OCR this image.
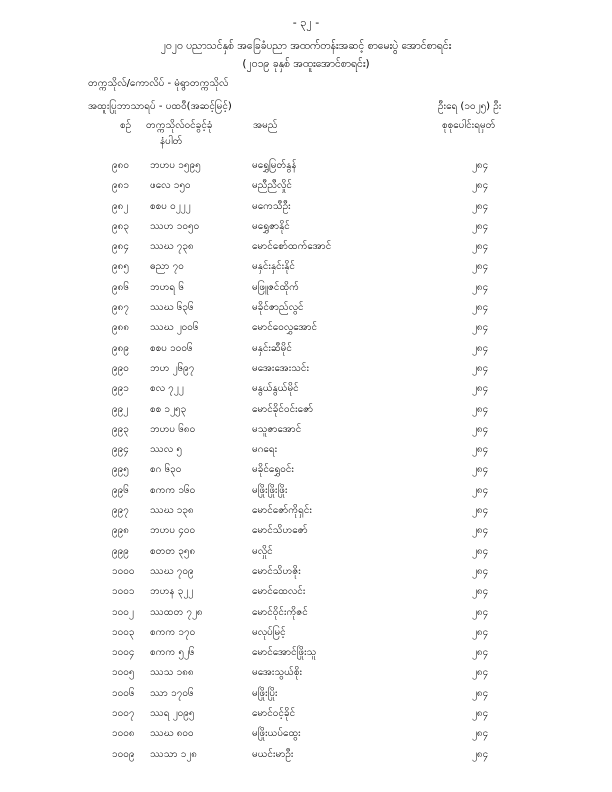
- ၃၂ -
၂၀၂၀ ပညာသင်နှစ် အခြေခံပညာ အထက်တန်းအဆင့် စာမေးပွဲ အောင်စာရင်း
(၂၀၁၉ ခုနှစ် အထူးအောင်စာရင်း)
တက္ကသိုလ်/ကောလိပ် - မုံရွာတက္ကသိုလ်
အထူးပြုဘာသာရပ် - ပထဝီ(အဆင့်မြင့်)	ဦးရေ (၁၀၂၅) ဦး
စဉ် တက္ကသိုလ်ဝင်ခွင့်ခုံ
နံပါတ်
အမည်	စုစုပေါင်းရမှတ်
၉၈၀ ဘဟပ ၁၅၉၅	မရွှေမြတ်နွန်	၂၈၄
၉၈၁ ဖလေ ၁၅၀	မညီညီလှိုင်	၂၈၄
၉၈၂ စစပ ၀၂၂၂	မကေသီဦး	၂၈၄
၉၈၃ ဿဟ ၁၀၅၀	မရွှေဇာနိုင်	၂၈၄
၉၈၄ ဿဃ ၇၃၈	မောင်စော်ထက်အောင်	၂၈၄
၉၈၅ ဓညာ ၇၀	မနှင်းနှင်းနိုင်	၂၈၄
၉၈၆ ဘဟရ ၆	မဖြူဇင်ထိုက်	၂၈၄
၉၈၇ ဿဃ ၆၃၆	မခိုင်ဇာည်လွင်	၂၈၄
၉၈၈ ဿဃ ၂၀၀၆	မောင်ဝေလွှအောင်	၂၈၄
၉၈၉ စစပ ၁၀၀၆	မနှင်းဆီမိုင်	၂၈၄
၉၉၀ ဘဟ ၂၆၉၇	မအေးအေးသင်း	၂၈၄
၉၉၁ စလ ၇၂၂	မနွယ်နွယ်မိုင်	၂၈၄
၉၉၂ စစ ၁၂၅၃	မောင်ခိုင်ဝင်းဇော်	၂၈၄
၉၉၃ ဘဟပ ၆၈၀	မသူဇာအောင်	၂၈၄
၉၉၄ ဿလ ၅	မဂရေး	၂၈၄
၉၉၅ စဂ ၆၃၀	မခိုင်ရွှေဝင်း	၂၈၄
၉၉၆ စကက ၁၆၀	မဖြိုးဖြိုးဖြိုး	၂၈၄
၉၉၇ ဿဃ ၁၃၈	မောင်ဇော်ကိုရှင်း	၂၈၄
၉၉၈ ဘဟပ ၄၀၀	မောင်သိဟဇော်	၂၈၄
၉၉၉ စတတ ၃၅၈	မလှိုင်	၂၈၄
၁၀၀၀ ဿဃ ၇၀၉	မောင်သိဟဇိုး	၂၈၄
၁၀၀၁ ဘဟန ၃၂၂	မောင်ထေလင်း	၂၈၄
၁၀၀၂ ဿထတ ၇၂၈	မောင်ဝိုင်းကိုဇင်	၂၈၄
၁၀၀၃ စကက ၁၇၀	မလုပ်မြင့်	၂၈၄
၁၀၀၄ စကက ၅၂၆	မောင်အောင်ဖြိုးသူ	၂၈၄
၁၀၀၅ ဿသ ၁၈၈	မအေးသွယ်စိုး	၂၈၄
၁၀၀၆ ဿာ ၁၇၀၆	မဖြိုးပြိုး	၂၈၄
၁၀၀၇ ဿရ ၂၀၉၅	မောင်ဝင့်ခိုင်	၂၈၄
၁၀၀၈ ဿဃ ၈၀၀	မဖြိုးယပ်ထွေး	၂၈၄
၁၀၀၉ ဿသာ ၁၂၈	မယင်းမာဦး	၂၈၄
